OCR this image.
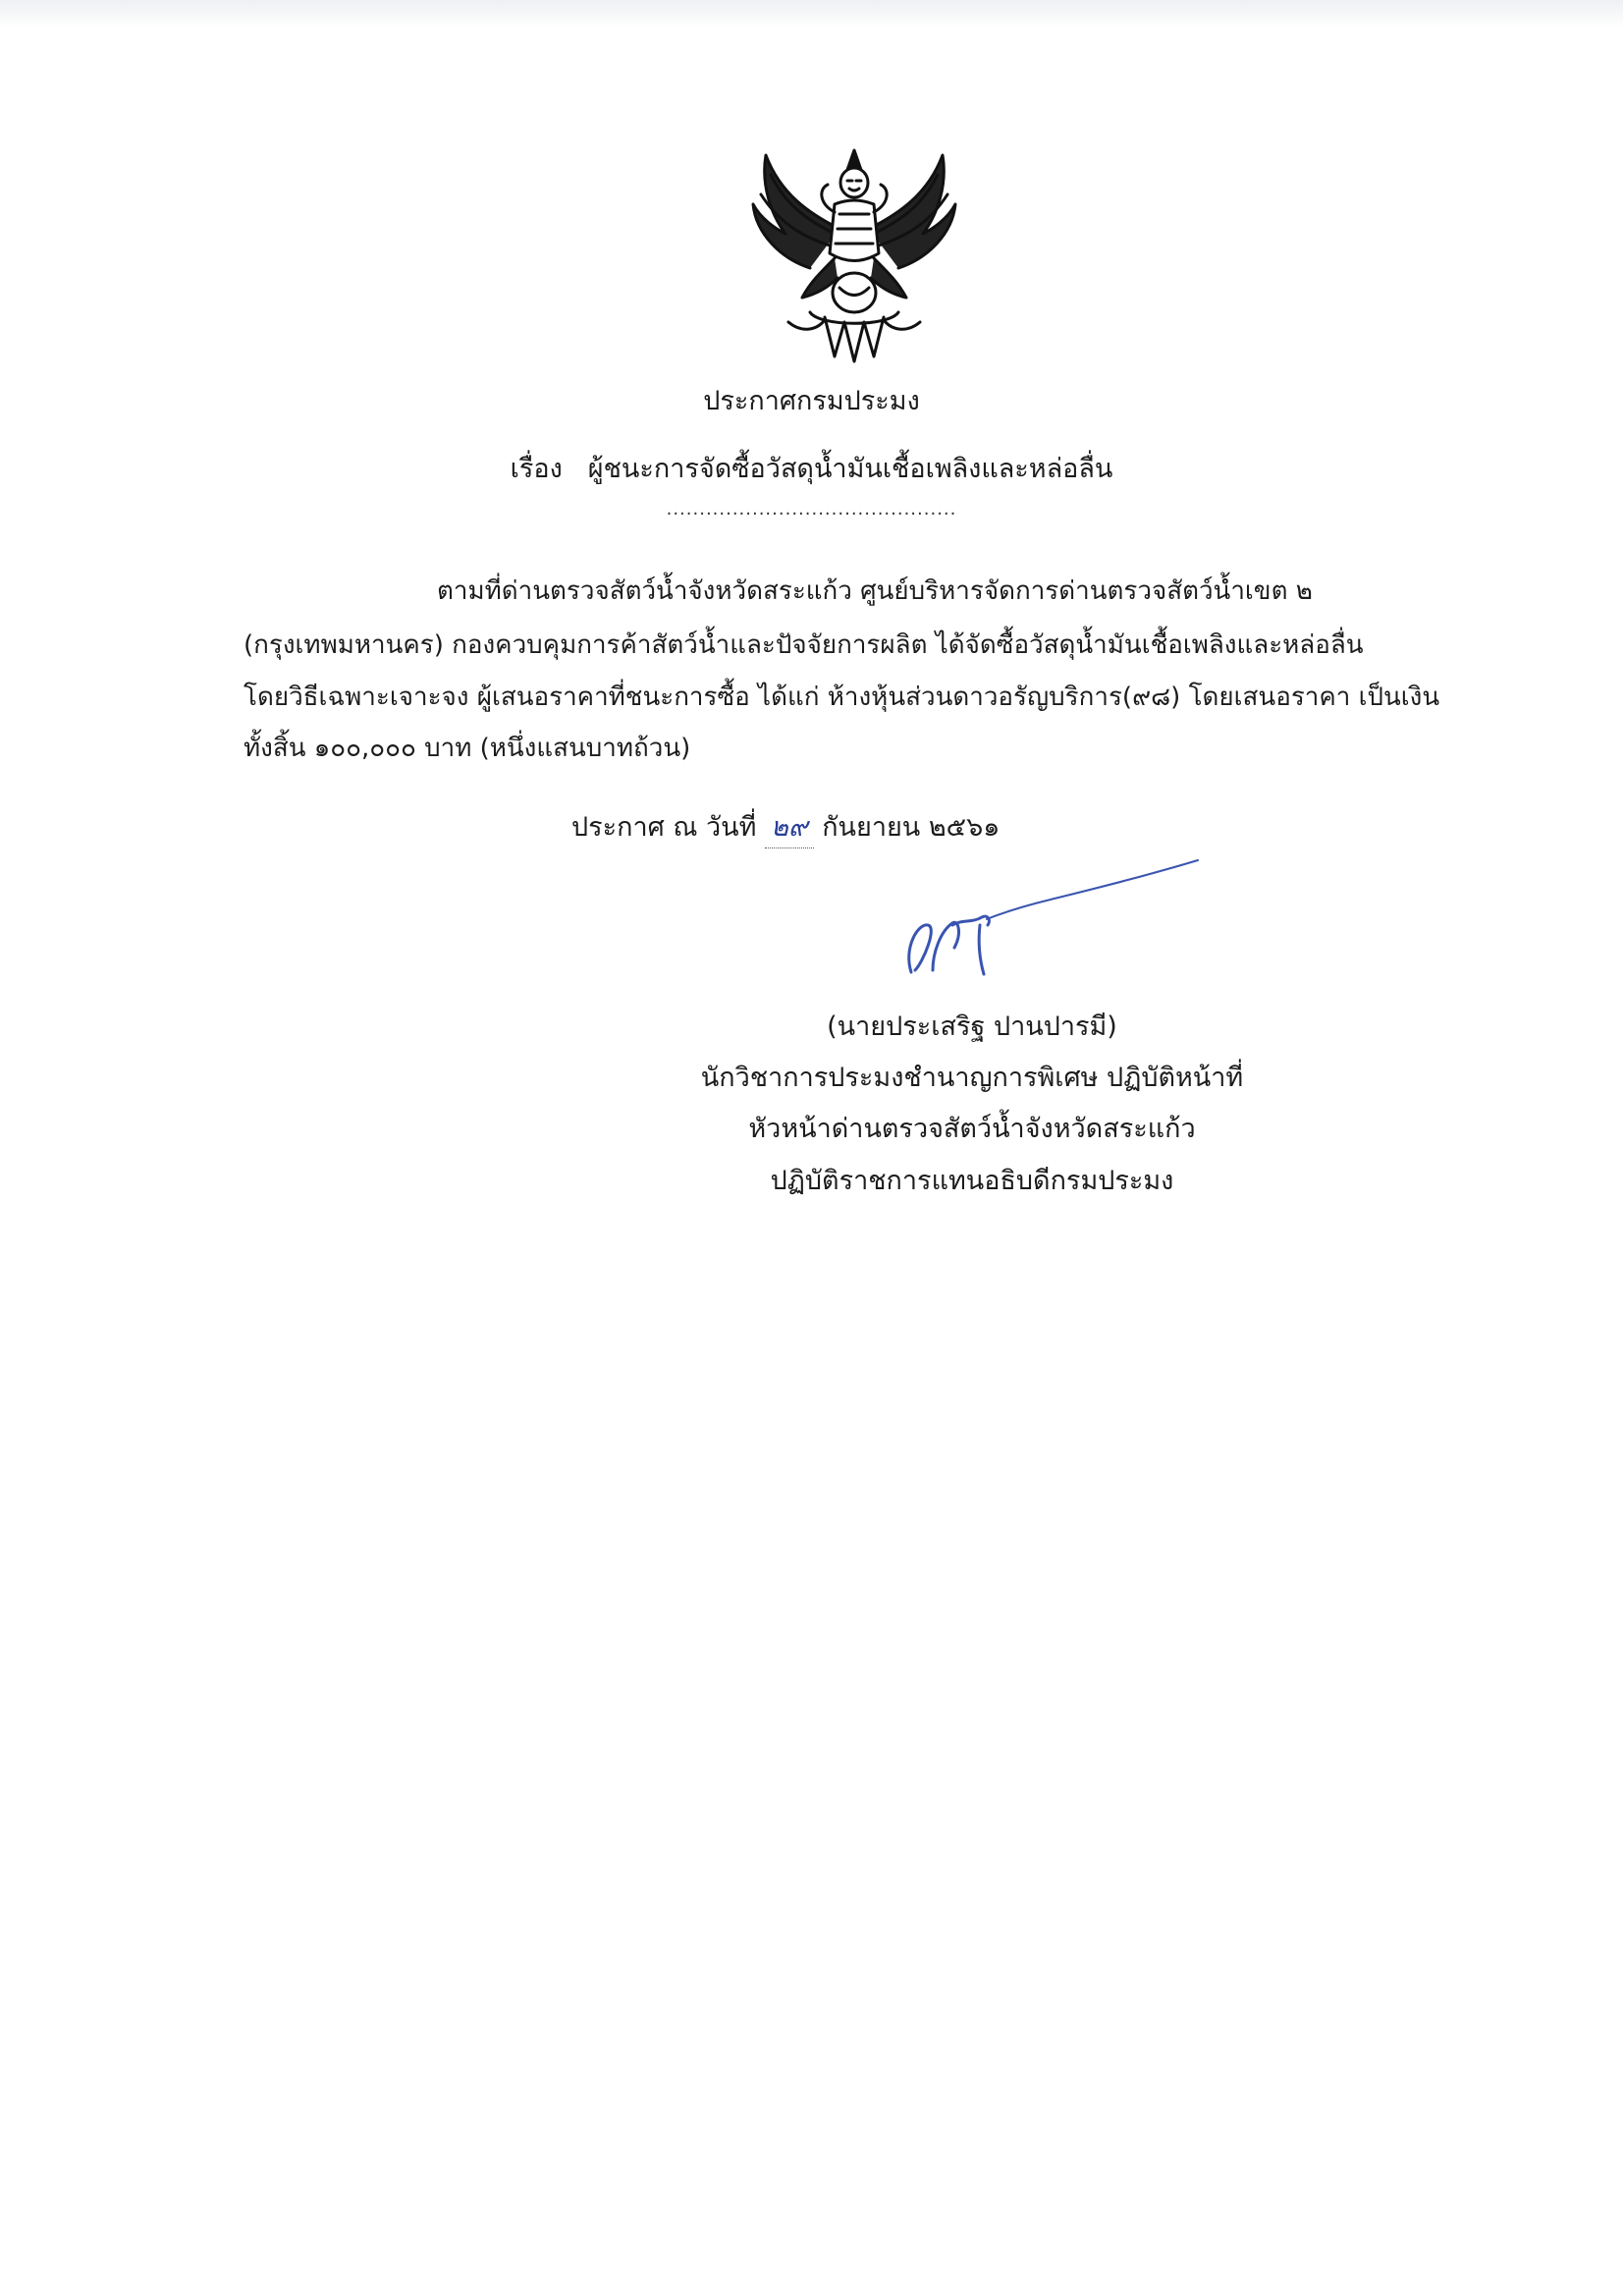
ประกาศกรมประมง
เรื่อง ผู้ชนะการจัดซื้อวัสดุน้ำมันเชื้อเพลิงและหล่อลื่น
............................................
ตามที่ด่านตรวจสัตว์น้ำจังหวัดสระแก้ว ศูนย์บริหารจัดการด่านตรวจสัตว์น้ำเขต ๒
(กรุงเทพมหานคร) กองควบคุมการค้าสัตว์น้ำและปัจจัยการผลิต ได้จัดซื้อวัสดุน้ำมันเชื้อเพลิงและหล่อลื่น
โดยวิธีเฉพาะเจาะจง ผู้เสนอราคาที่ชนะการซื้อ ได้แก่ ห้างหุ้นส่วนดาวอรัญบริการ(๙๘) โดยเสนอราคา เป็นเงิน
ทั้งสิ้น ๑๐๐,๐๐๐ บาท (หนึ่งแสนบาทถ้วน)
ประกาศ ณ วันที่ ๒๙ กันยายน ๒๕๖๑
(นายประเสริฐ ปานปารมี)
นักวิชาการประมงชำนาญการพิเศษ ปฏิบัติหน้าที่
หัวหน้าด่านตรวจสัตว์น้ำจังหวัดสระแก้ว
ปฏิบัติราชการแทนอธิบดีกรมประมง
